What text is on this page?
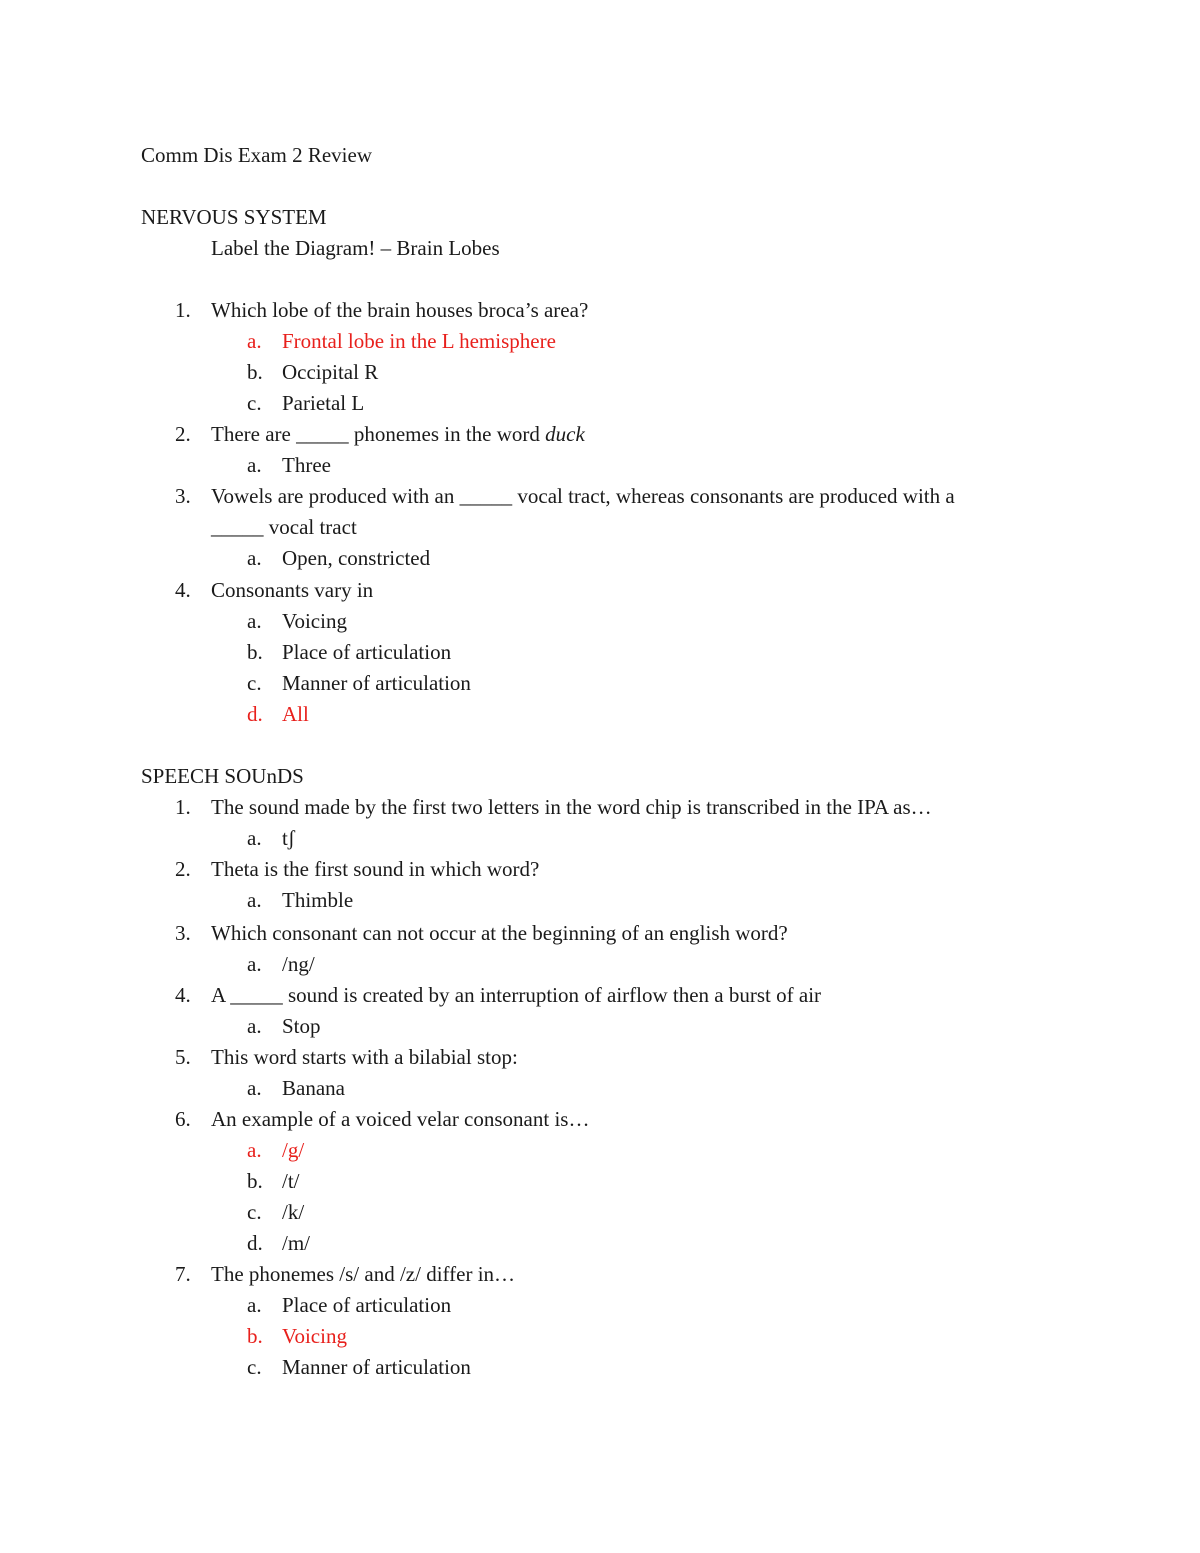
Comm Dis Exam 2 Review
NERVOUS SYSTEM
Label the Diagram! – Brain Lobes
1. Which lobe of the brain houses broca’s area?
a. Frontal lobe in the L hemisphere
b. Occipital R
c. Parietal L
2. There are _____ phonemes in the word duck
a. Three
3. Vowels are produced with an _____ vocal tract, whereas consonants are produced with a
_____ vocal tract
a. Open, constricted
4. Consonants vary in
a. Voicing
b. Place of articulation
c. Manner of articulation
d. All
SPEECH SOUnDS
1. The sound made by the first two letters in the word chip is transcribed in the IPA as…
a. tʃ
2. Theta is the first sound in which word?
a. Thimble
3. Which consonant can not occur at the beginning of an english word?
a. /ng/
4. A _____ sound is created by an interruption of airflow then a burst of air
a. Stop
5. This word starts with a bilabial stop:
a. Banana
6. An example of a voiced velar consonant is…
a. /g/
b. /t/
c. /k/
d. /m/
7. The phonemes /s/ and /z/ differ in…
a. Place of articulation
b. Voicing
c. Manner of articulation
